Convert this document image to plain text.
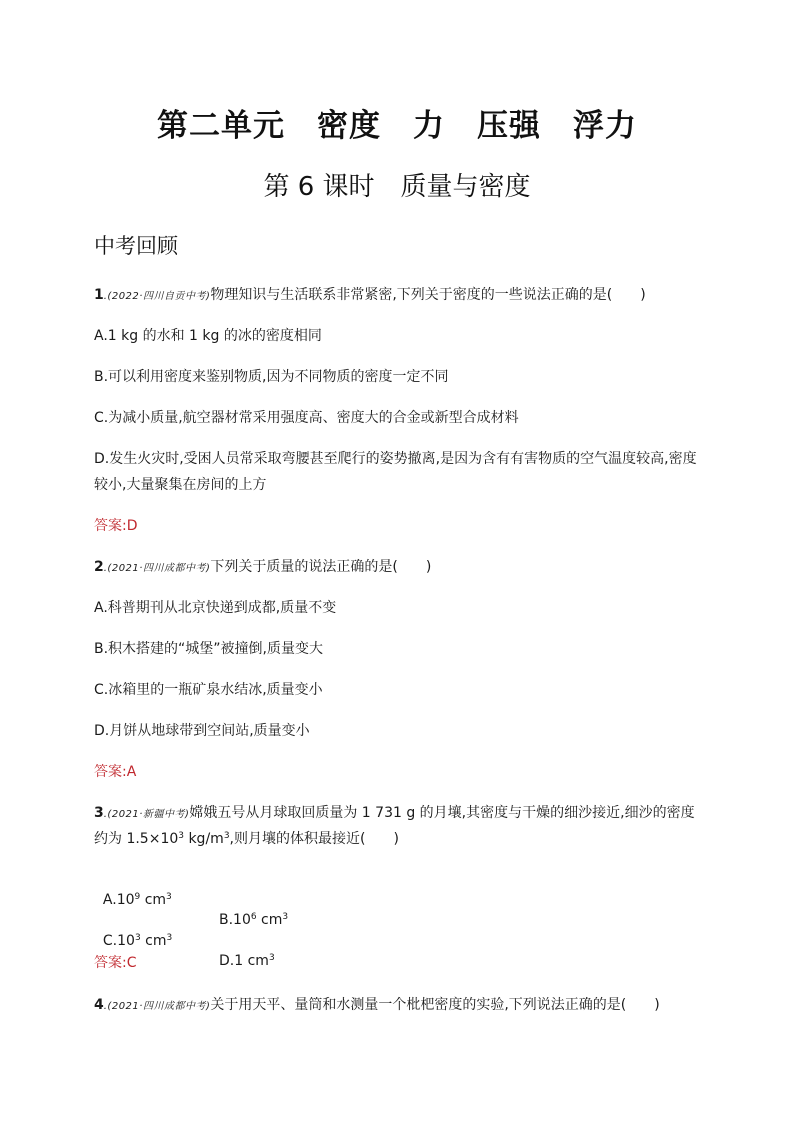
第二单元　密度　力　压强　浮力
第 6 课时　质量与密度
中考回顾
1.(2022·四川自贡中考)物理知识与生活联系非常紧密,下列关于密度的一些说法正确的是(　　)
A.1 kg 的水和 1 kg 的冰的密度相同
B.可以利用密度来鉴别物质,因为不同物质的密度一定不同
C.为减小质量,航空器材常采用强度高、密度大的合金或新型合成材料
D.发生火灾时,受困人员常采取弯腰甚至爬行的姿势撤离,是因为含有有害物质的空气温度较高,密度
较小,大量聚集在房间的上方
答案:D
2.(2021·四川成都中考)下列关于质量的说法正确的是(　　)
A.科普期刊从北京快递到成都,质量不变
B.积木搭建的“城堡”被撞倒,质量变大
C.冰箱里的一瓶矿泉水结冰,质量变小
D.月饼从地球带到空间站,质量变小
答案:A
3.(2021·新疆中考)嫦娥五号从月球取回质量为 1 731 g 的月壤,其密度与干燥的细沙接近,细沙的密度
约为 $1.5\times 10^3$ $kg/m^3$,则月壤的体积最接近(　　)

$A.10^9$ $cm^3$

$B.10^6$ $cm^3$

$C.10^3$ $cm^3$

D.1 $cm^3$

答案:C
4.(2021·四川成都中考)关于用天平、量筒和水测量一个枇杷密度的实验,下列说法正确的是(　　)
